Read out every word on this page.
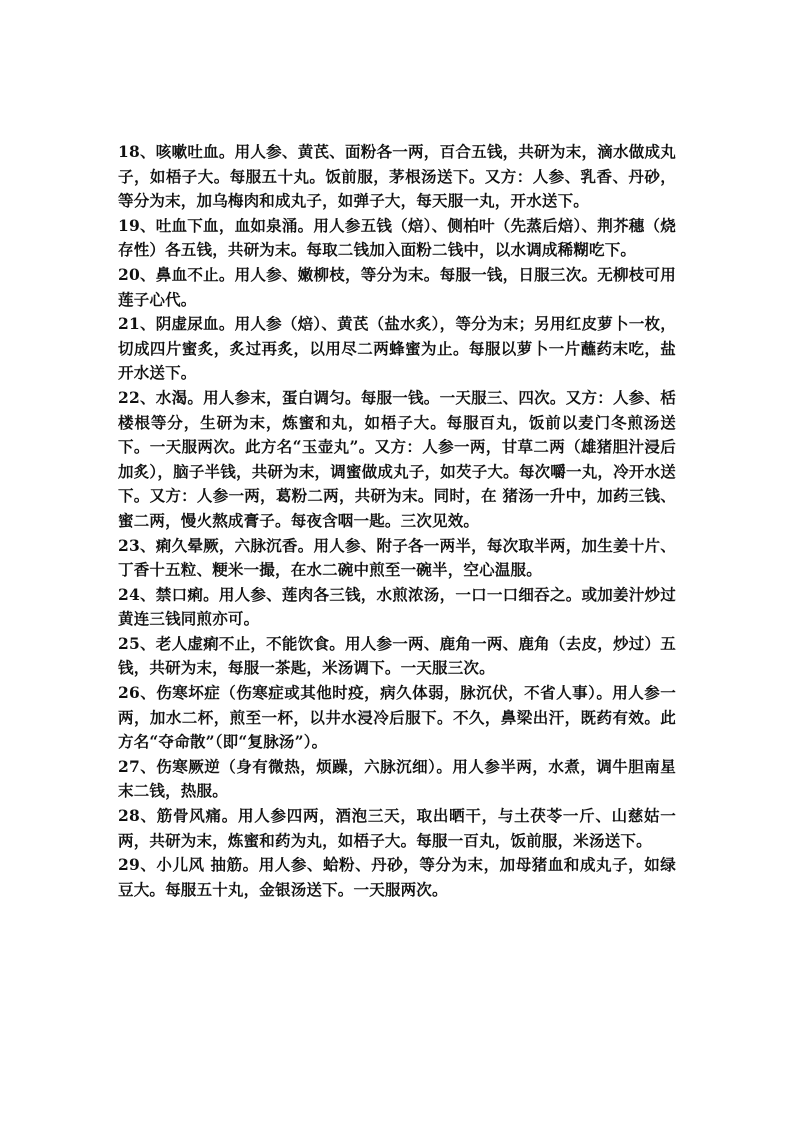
18、咳嗽吐血。用人参、黄芪、面粉各一两，百合五钱，共研为末，滴水做成丸子，如梧子大。每服五十丸。饭前服，茅根汤送下。又方：人参、乳香、丹砂，等分为末，加乌梅肉和成丸子，如弹子大，每天服一丸，开水送下。

19、吐血下血，血如泉涌。用人参五钱（焙）、侧柏叶（先蒸后焙）、荆芥穗（烧存性）各五钱，共研为末。每取二钱加入面粉二钱中，以水调成稀糊吃下。

20、鼻血不止。用人参、嫩柳枝，等分为末。每服一钱，日服三次。无柳枝可用莲子心代。

21、阴虚尿血。用人参（焙）、黄芪（盐水炙），等分为末；另用红皮萝卜一枚，切成四片蜜炙，炙过再炙，以用尽二两蜂蜜为止。每服以萝卜一片蘸药末吃，盐开水送下。

22、水渴。用人参末，蛋白调匀。每服一钱。一天服三、四次。又方：人参、栝楼根等分，生研为末，炼蜜和丸，如梧子大。每服百丸，饭前以麦门冬煎汤送下。一天服两次。此方名“玉壶丸”。又方：人参一两，甘草二两（雄猪胆汁浸后加炙），脑子半钱，共研为末，调蜜做成丸子，如芡子大。每次嚼一丸，冷开水送下。又方：人参一两，葛粉二两，共研为末。同时，在 猪汤一升中，加药三钱、蜜二两，慢火熬成膏子。每夜含咽一匙。三次见效。

23、痢久晕厥，六脉沉香。用人参、附子各一两半，每次取半两，加生姜十片、丁香十五粒、粳米一撮，在水二碗中煎至一碗半，空心温服。

24、禁口痢。用人参、莲肉各三钱，水煎浓汤，一口一口细吞之。或加姜汁炒过黄连三钱同煎亦可。

25、老人虚痢不止，不能饮食。用人参一两、鹿角一两、鹿角（去皮，炒过）五钱，共研为末，每服一茶匙，米汤调下。一天服三次。

26、伤寒坏症（伤寒症或其他时疫，病久体弱，脉沉伏，不省人事）。用人参一两，加水二杯，煎至一杯，以井水浸冷后服下。不久，鼻梁出汗，既药有效。此方名“夺命散”（即“复脉汤”）。

27、伤寒厥逆（身有微热，烦躁，六脉沉细）。用人参半两，水煮，调牛胆南星末二钱，热服。

28、筋骨风痛。用人参四两，酒泡三天，取出晒干，与土茯苓一斤、山慈姑一两，共研为末，炼蜜和药为丸，如梧子大。每服一百丸，饭前服，米汤送下。

29、小儿风 抽筋。用人参、蛤粉、丹砂，等分为末，加母猪血和成丸子，如绿豆大。每服五十丸，金银汤送下。一天服两次。
